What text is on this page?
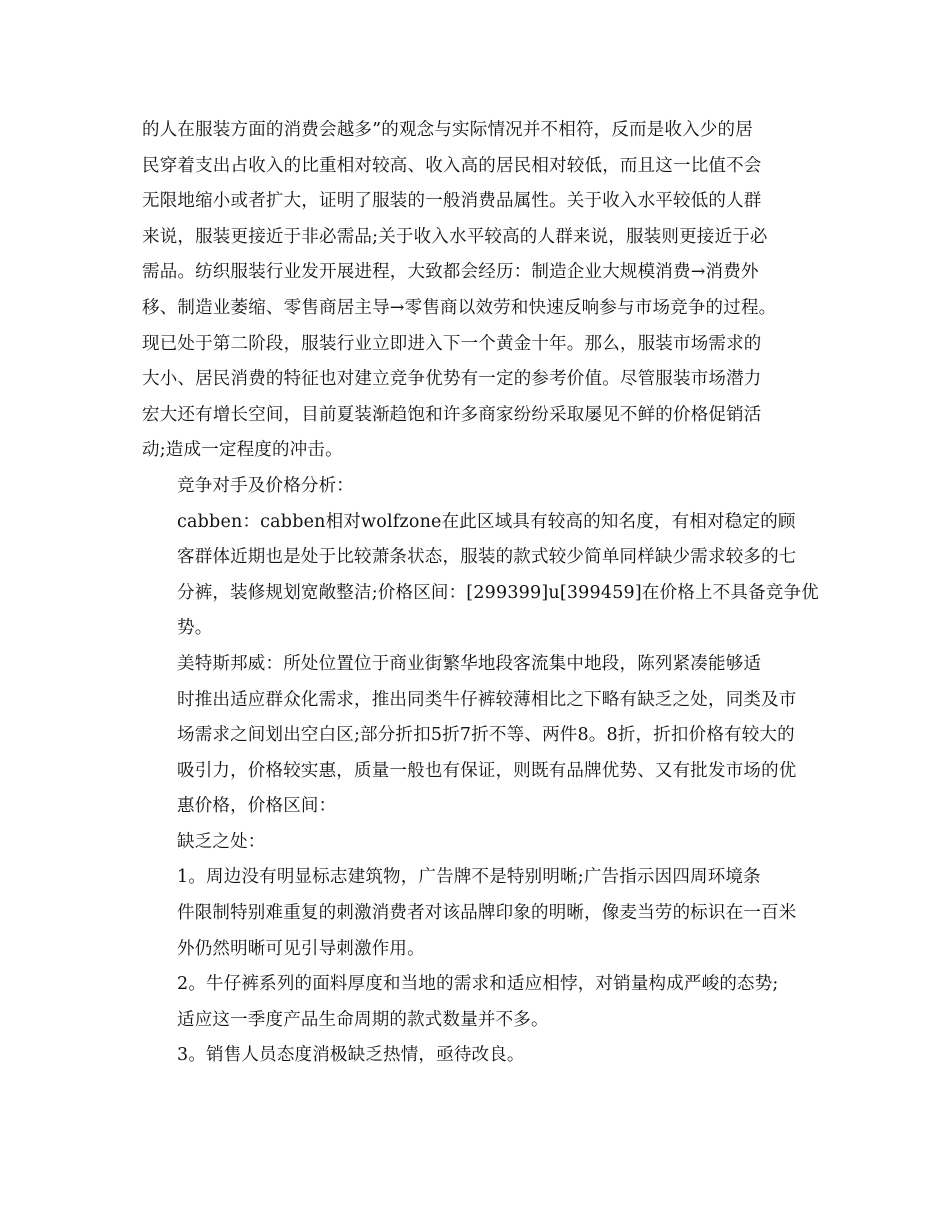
的人在服装方面的消费会越多”的观念与实际情况并不相符，反而是收入少的居
民穿着支出占收入的比重相对较高、收入高的居民相对较低，而且这一比值不会
无限地缩小或者扩大，证明了服装的一般消费品属性。关于收入水平较低的人群
来说，服装更接近于非必需品;关于收入水平较高的人群来说，服装则更接近于必
需品。纺织服装行业发开展进程，大致都会经历：制造企业大规模消费→消费外
移、制造业萎缩、零售商居主导→零售商以效劳和快速反响参与市场竞争的过程。
现已处于第二阶段，服装行业立即进入下一个黄金十年。那么，服装市场需求的
大小、居民消费的特征也对建立竞争优势有一定的参考价值。尽管服装市场潜力
宏大还有增长空间，目前夏装渐趋饱和许多商家纷纷采取屡见不鲜的价格促销活
动;造成一定程度的冲击。
竞争对手及价格分析：
cabben：cabben相对wolfzone在此区域具有较高的知名度，有相对稳定的顾
客群体近期也是处于比较萧条状态，服装的款式较少简单同样缺少需求较多的七
分裤，装修规划宽敞整洁;价格区间：[299399]u[399459]在价格上不具备竞争优
势。
美特斯邦威：所处位置位于商业街繁华地段客流集中地段，陈列紧凑能够适
时推出适应群众化需求，推出同类牛仔裤较薄相比之下略有缺乏之处，同类及市
场需求之间划出空白区;部分折扣5折7折不等、两件8。8折，折扣价格有较大的
吸引力，价格较实惠，质量一般也有保证，则既有品牌优势、又有批发市场的优
惠价格，价格区间：
缺乏之处：
1。周边没有明显标志建筑物，广告牌不是特别明晰;广告指示因四周环境条
件限制特别难重复的刺激消费者对该品牌印象的明晰，像麦当劳的标识在一百米
外仍然明晰可见引导刺激作用。
2。牛仔裤系列的面料厚度和当地的需求和适应相悖，对销量构成严峻的态势;
适应这一季度产品生命周期的款式数量并不多。
3。销售人员态度消极缺乏热情，亟待改良。
